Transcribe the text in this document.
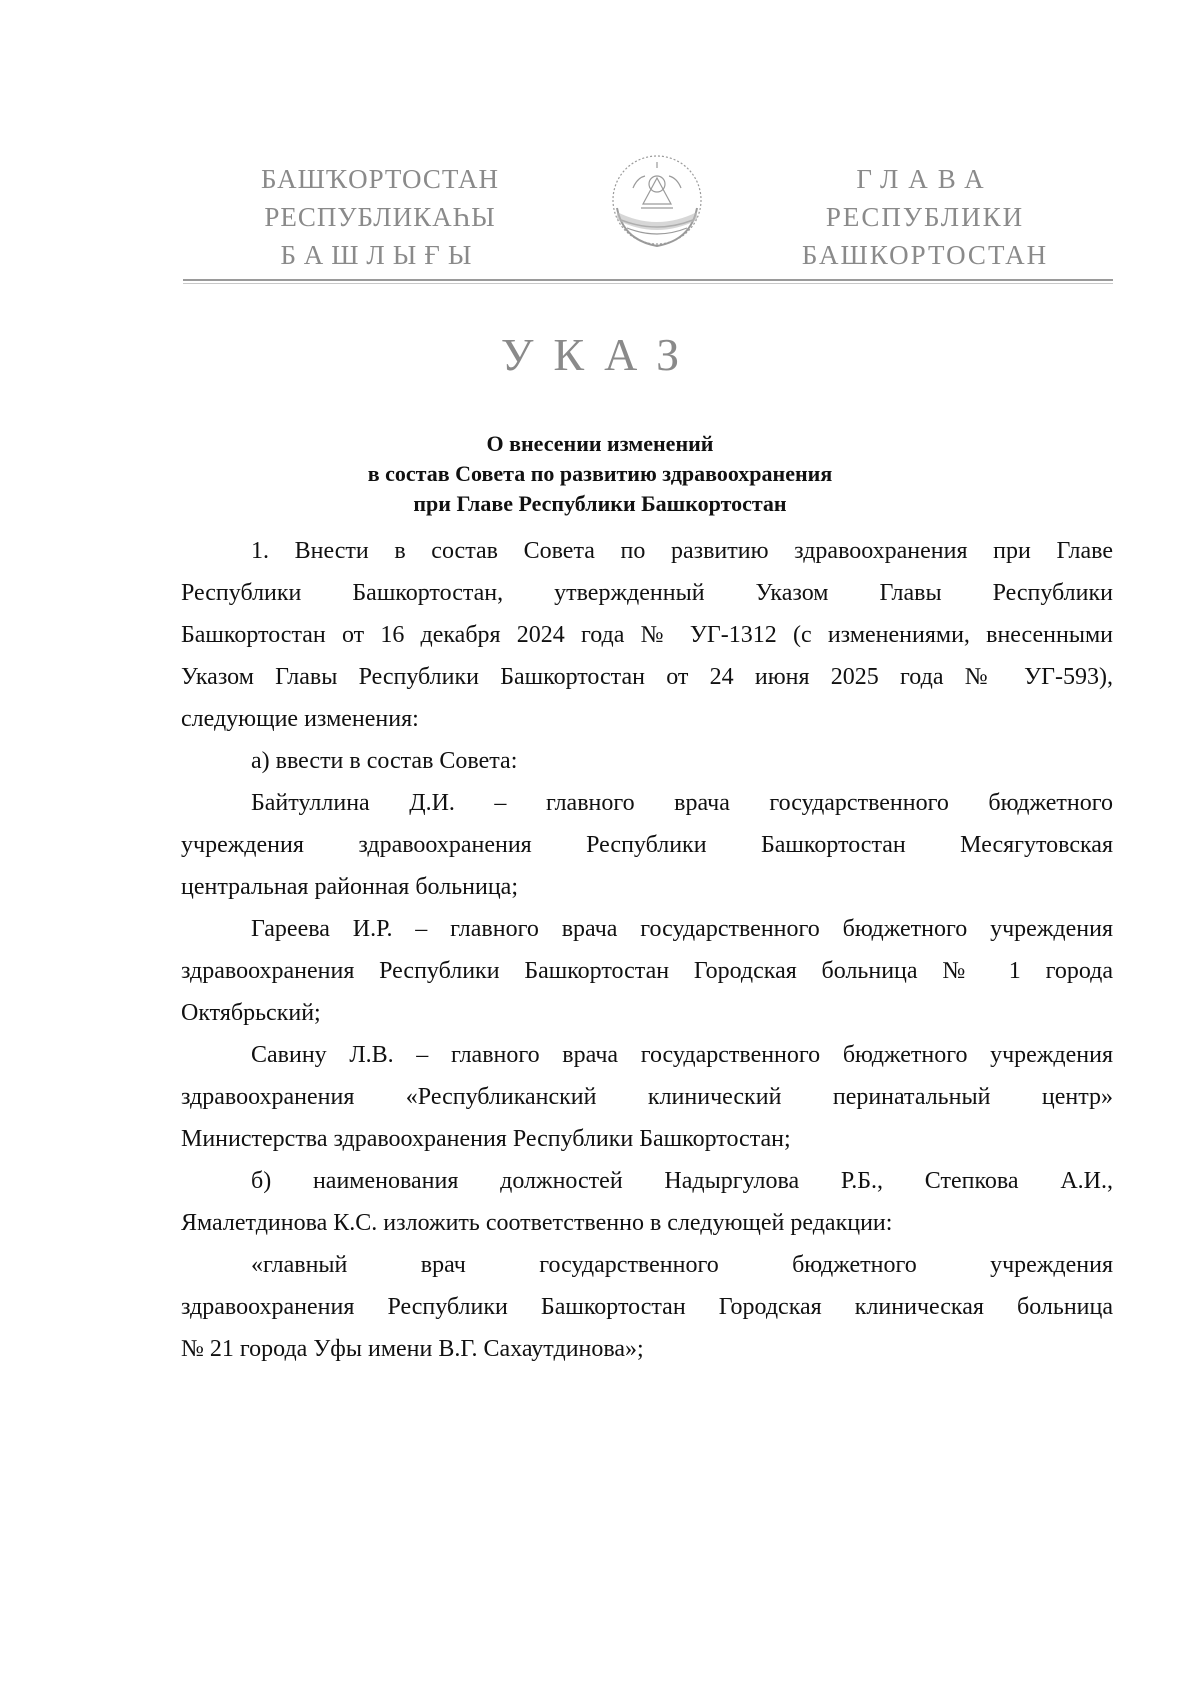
БАШҠОРТОСТАН
РЕСПУБЛИКАҺЫ
БАШЛЫҒЫ
ГЛАВА
РЕСПУБЛИКИ
БАШКОРТОСТАН
УКАЗ
О внесении изменений
в состав Совета по развитию здравоохранения
при Главе Республики Башкортостан
1. Внести в состав Совета по развитию здравоохранения при Главе
Республики Башкортостан, утвержденный Указом Главы Республики
Башкортостан от 16 декабря 2024 года № УГ-1312 (с изменениями, внесенными
Указом Главы Республики Башкортостан от 24 июня 2025 года № УГ-593),
следующие изменения:
а) ввести в состав Совета:
Байтуллина Д.И. – главного врача государственного бюджетного
учреждения здравоохранения Республики Башкортостан Месягутовская
центральная районная больница;
Гареева И.Р. – главного врача государственного бюджетного учреждения
здравоохранения Республики Башкортостан Городская больница № 1 города
Октябрьский;
Савину Л.В. – главного врача государственного бюджетного учреждения
здравоохранения «Республиканский клинический перинатальный центр»
Министерства здравоохранения Республики Башкортостан;
б) наименования должностей Надыргулова Р.Б., Степкова А.И.,
Ямалетдинова К.С. изложить соответственно в следующей редакции:
«главный врач государственного бюджетного учреждения
здравоохранения Республики Башкортостан Городская клиническая больница
№ 21 города Уфы имени В.Г. Сахаутдинова»;
